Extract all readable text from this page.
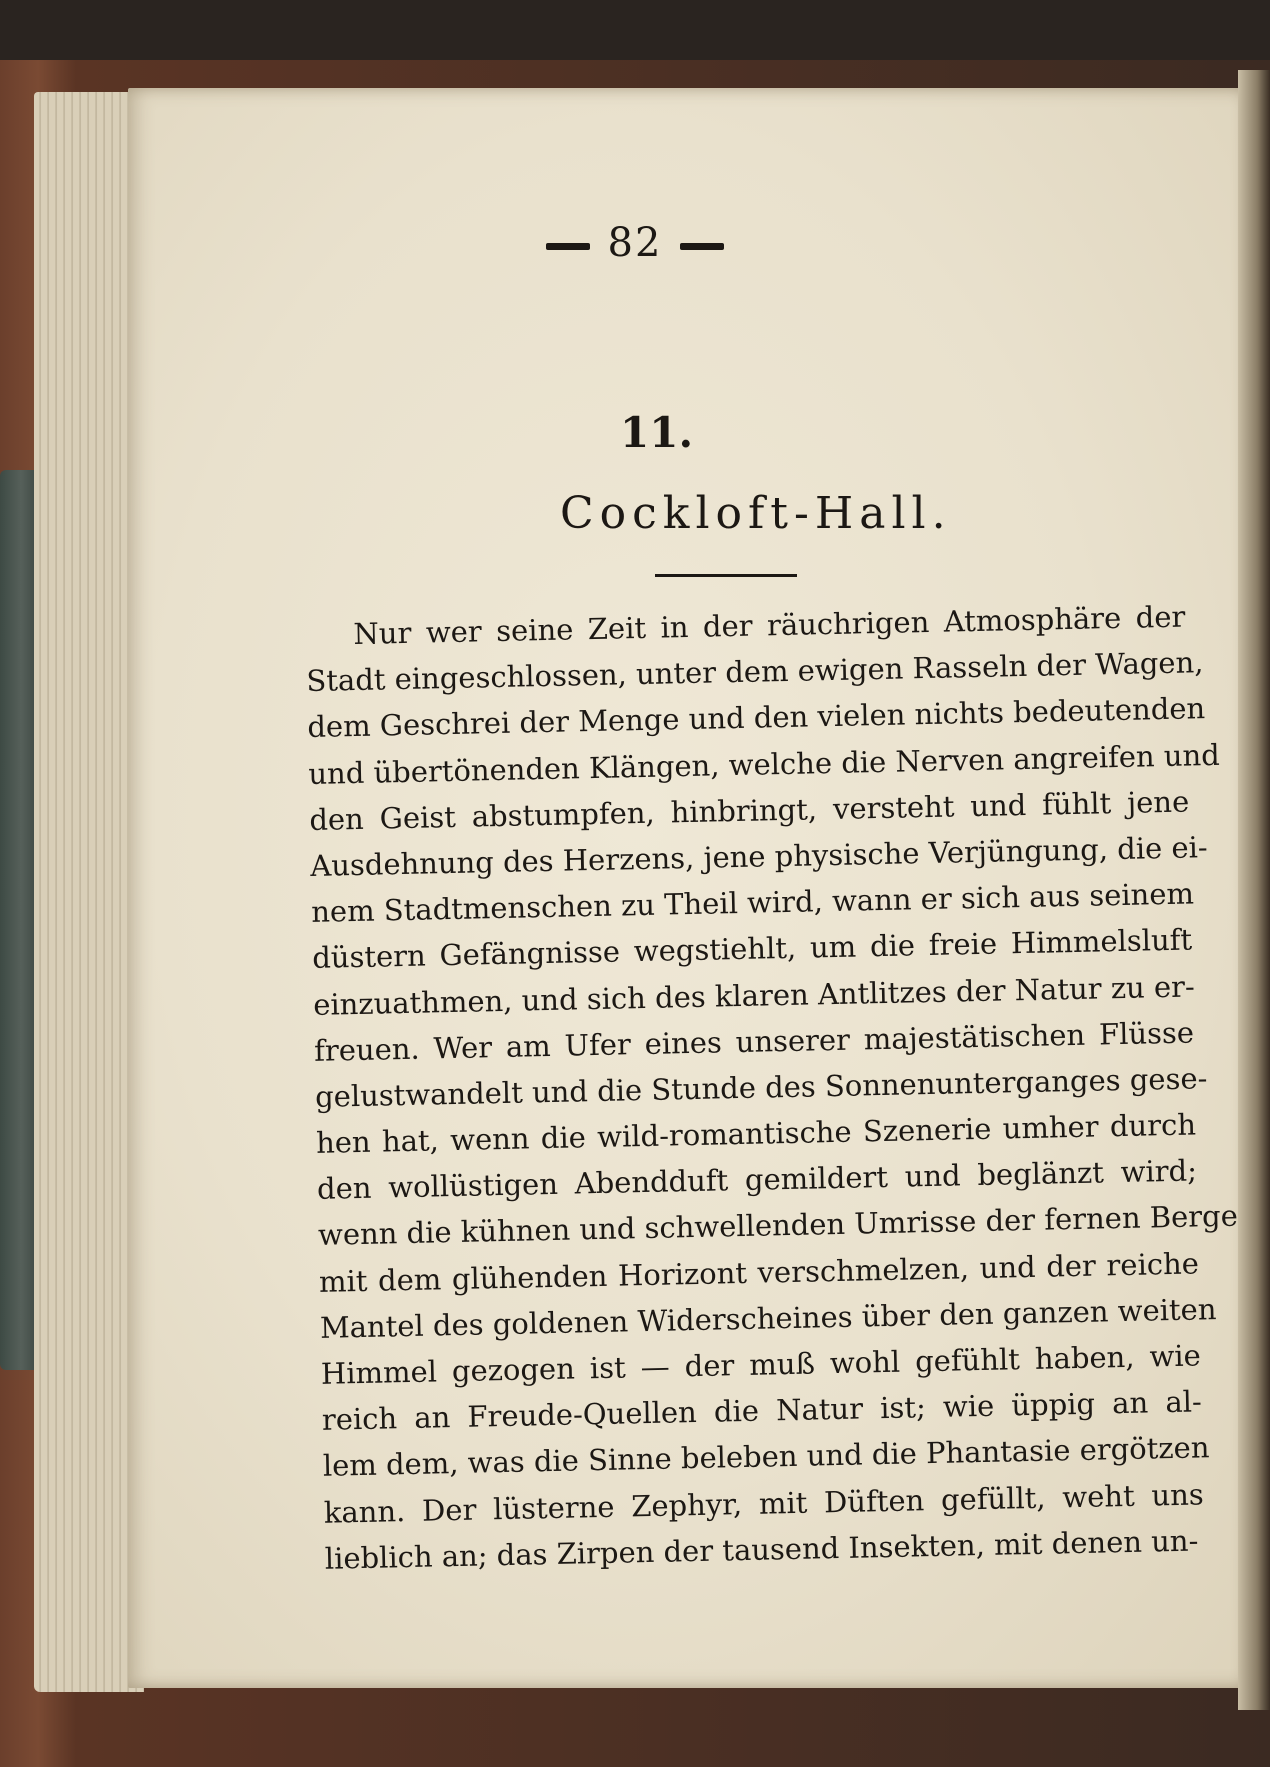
82
11.
Cockloft-Hall.
Nur wer seine Zeit in der räuchrigen Atmosphäre der
Stadt eingeschlossen, unter dem ewigen Rasseln der Wagen,
dem Geschrei der Menge und den vielen nichts bedeutenden
und übertönenden Klängen, welche die Nerven angreifen und
den Geist abstumpfen, hinbringt, versteht und fühlt jene
Ausdehnung des Herzens, jene physische Verjüngung, die ei-
nem Stadtmenschen zu Theil wird, wann er sich aus seinem
düstern Gefängnisse wegstiehlt, um die freie Himmelsluft
einzuathmen, und sich des klaren Antlitzes der Natur zu er-
freuen. Wer am Ufer eines unserer majestätischen Flüsse
gelustwandelt und die Stunde des Sonnenunterganges gese-
hen hat, wenn die wild-romantische Szenerie umher durch
den wollüstigen Abendduft gemildert und beglänzt wird;
wenn die kühnen und schwellenden Umrisse der fernen Berge
mit dem glühenden Horizont verschmelzen, und der reiche
Mantel des goldenen Widerscheines über den ganzen weiten
Himmel gezogen ist — der muß wohl gefühlt haben, wie
reich an Freude-Quellen die Natur ist; wie üppig an al-
lem dem, was die Sinne beleben und die Phantasie ergötzen
kann. Der lüsterne Zephyr, mit Düften gefüllt, weht uns
lieblich an; das Zirpen der tausend Insekten, mit denen un-
